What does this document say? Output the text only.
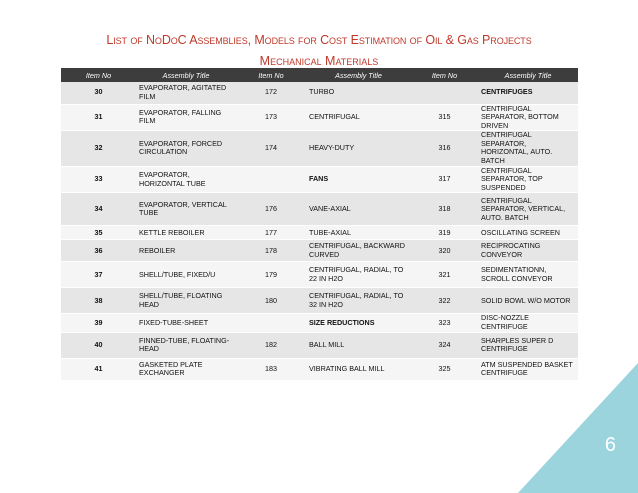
List of NoDoC Assemblies, Models for Cost Estimation of Oil & Gas Projects
Mechanical Materials
Item No	Assembly Title	Item No	Assembly Title	Item No	Assembly Title
30	EVAPORATOR, AGITATED FILM	172	TURBO		CENTRIFUGES
31	EVAPORATOR, FALLING FILM	173	CENTRIFUGAL	315	CENTRIFUGAL SEPARATOR, BOTTOM DRIVEN
32	EVAPORATOR, FORCED CIRCULATION	174	HEAVY-DUTY	316	CENTRIFUGAL SEPARATOR, HORIZONTAL, AUTO. BATCH
33	EVAPORATOR, HORIZONTAL TUBE		FANS	317	CENTRIFUGAL SEPARATOR, TOP SUSPENDED
34	EVAPORATOR, VERTICAL TUBE	176	VANE-AXIAL	318	CENTRIFUGAL SEPARATOR, VERTICAL, AUTO. BATCH
35	KETTLE REBOILER	177	TUBE-AXIAL	319	OSCILLATING SCREEN
36	REBOILER	178	CENTRIFUGAL, BACKWARD CURVED	320	RECIPROCATING CONVEYOR
37	SHELL/TUBE, FIXED/U	179	CENTRIFUGAL, RADIAL, TO 22 IN H2O	321	SEDIMENTATIONN, SCROLL CONVEYOR
38	SHELL/TUBE, FLOATING HEAD	180	CENTRIFUGAL, RADIAL, TO 32 IN H2O	322	SOLID BOWL W/O MOTOR
39	FIXED-TUBE-SHEET		SIZE REDUCTIONS	323	DISC-NOZZLE CENTRIFUGE
40	FINNED-TUBE, FLOATING-HEAD	182	BALL MILL	324	SHARPLES SUPER D CENTRIFUGE
41	GASKETED PLATE EXCHANGER	183	VIBRATING BALL MILL	325	ATM SUSPENDED BASKET CENTRIFUGE
6
